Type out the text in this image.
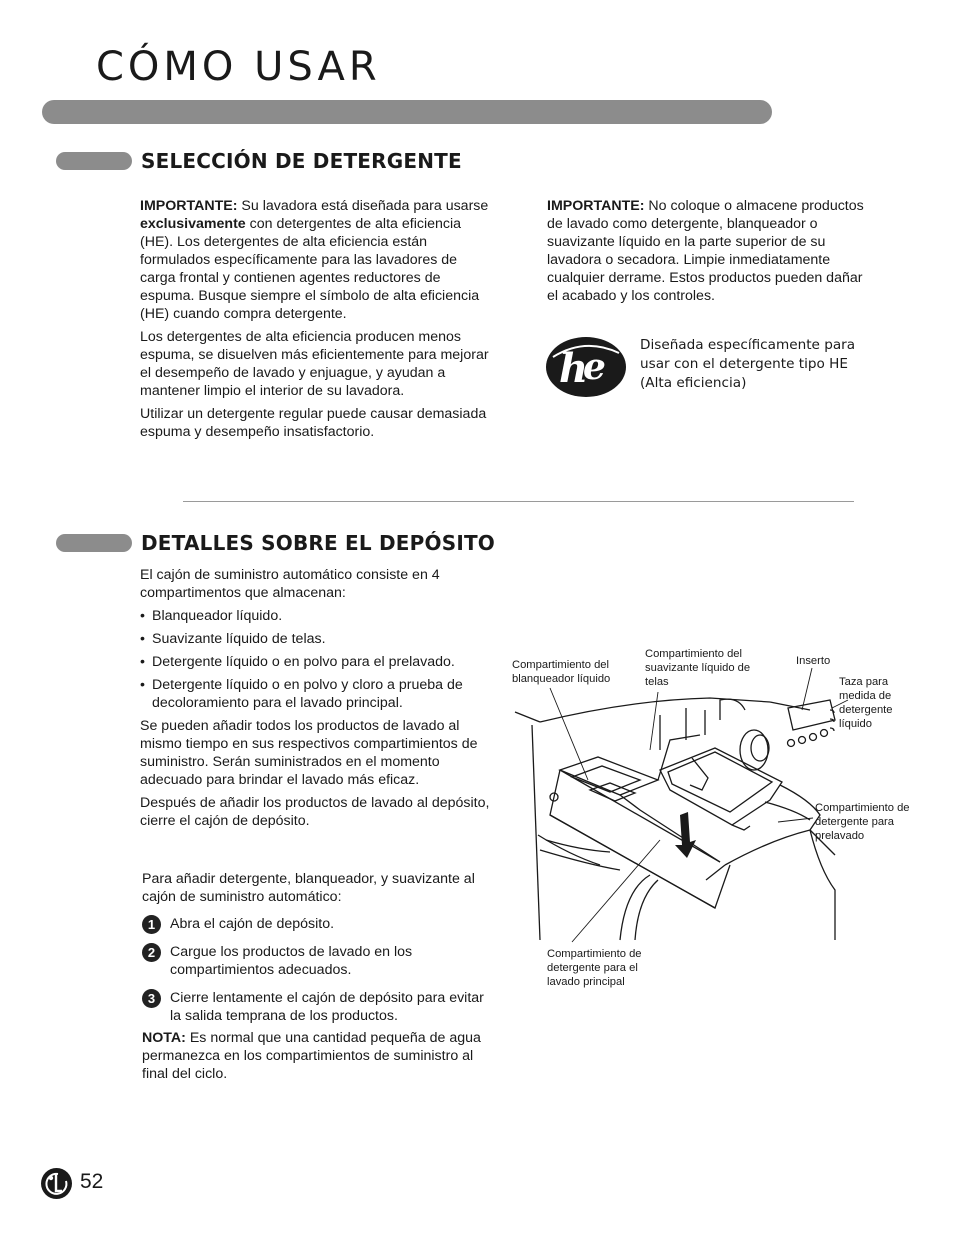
CÓMO USAR
SELECCIÓN DE DETERGENTE

IMPORTANTE: Su lavadora está diseñada para usarse exclusivamente con detergentes de alta eficiencia (HE). Los detergentes de alta eficiencia están formulados específicamente para las lavadores de carga frontal y contienen agentes reductores de espuma. Busque siempre el símbolo de alta eficiencia (HE) cuando compra detergente.

Los detergentes de alta eficiencia producen menos espuma, se disuelven más eficientemente para mejorar el desempeño de lavado y enjuague, y ayudan a mantener limpio el interior de su lavadora.

Utilizar un detergente regular puede causar demasiada espuma y desempeño insatisfactorio.

IMPORTANTE: No coloque o almacene productos de lavado como detergente, blanqueador o suavizante líquido en la parte superior de su lavadora o secadora. Limpie inmediatamente cualquier derrame. Estos productos pueden dañar el acabado y los controles.

h
e
Diseñada específicamente para
usar con el detergente tipo HE
(Alta eficiencia)
DETALLES SOBRE EL DEPÓSITO

El cajón de suministro automático consiste en 4 compartimentos que almacenan:

• Blanqueador líquido.
• Suavizante líquido de telas.
• Detergente líquido o en polvo para el prelavado.
• Detergente líquido o en polvo y cloro a prueba de decoloramiento para el lavado principal.

Se pueden añadir todos los productos de lavado al mismo tiempo en sus respectivos compartimientos de suministro. Serán suministrados en el momento adecuado para brindar el lavado más eficaz.

Después de añadir los productos de lavado al depósito, cierre el cajón de depósito.

Para añadir detergente, blanqueador, y suavizante al cajón de suministro automático:

1	Abra el cajón de depósito.
2	Cargue los productos de lavado en los compartimientos adecuados.
3	Cierre lentamente el cajón de depósito para evitar la salida temprana de los productos.

NOTA: Es normal que una cantidad pequeña de agua permanezca en los compartimientos de suministro al final del ciclo.

Compartimiento del blanqueador líquido
Compartimiento del suavizante líquido de telas
Inserto
Taza para medida de detergente líquido
Compartimiento de detergente para prelavado
Compartimiento de detergente para el lavado principal
52
